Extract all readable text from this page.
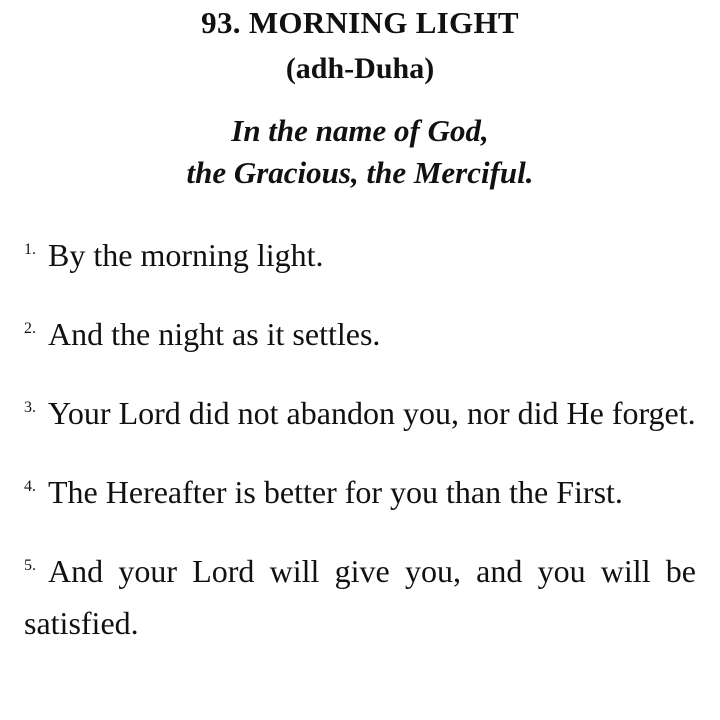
93. MORNING LIGHT
(adh-Duha)
In the name of God,
the Gracious, the Merciful.

$^{1.}$ By the morning light.

$^{2.}$ And the night as it settles.

$^{3.}$ Your Lord did not abandon you, nor did He forget.

$^{4.}$ The Hereafter is better for you than the First.

$^{5.}$ And your Lord will give you, and you will be satisfied.
